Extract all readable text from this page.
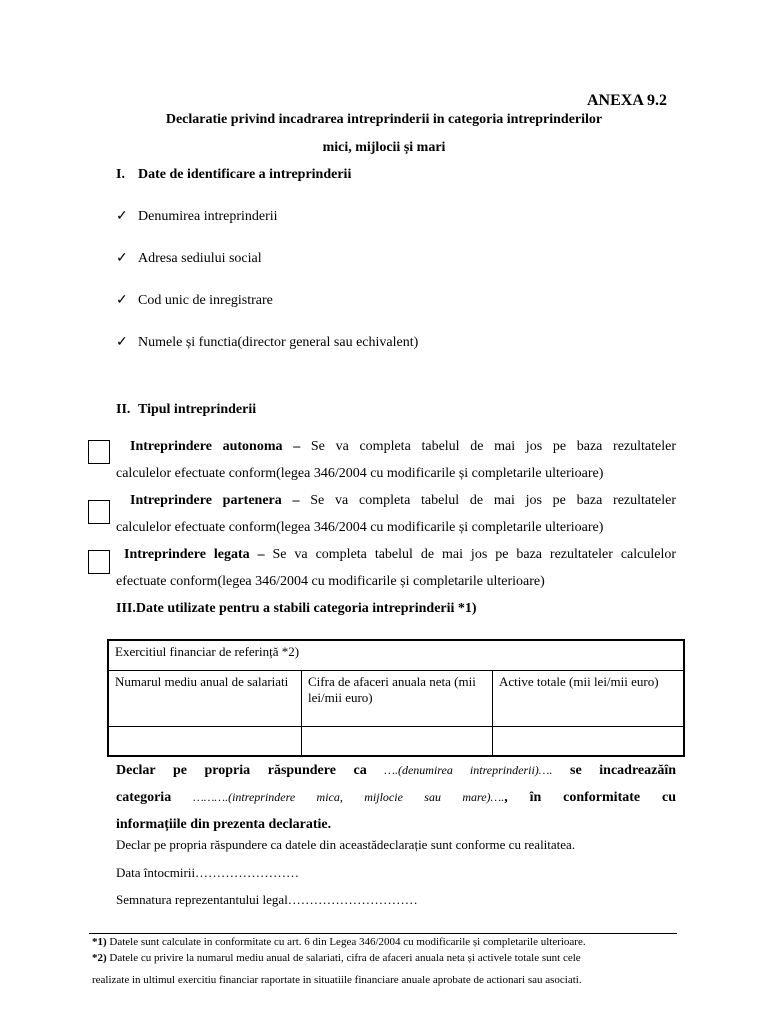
ANEXA 9.2
Declaratie privind incadrarea intreprinderii in categoria intreprinderilor
mici, mijlocii și mari
I. Date de identificare a intreprinderii
✓ Denumirea intreprinderii
✓ Adresa sediului social
✓ Cod unic de inregistrare
✓ Numele și functia(director general sau echivalent)
II. Tipul intreprinderii
Intreprindere autonoma – Se va completa tabelul de mai jos pe baza rezultateler
calculelor efectuate conform(legea 346/2004 cu modificarile și completarile ulterioare)
Intreprindere partenera – Se va completa tabelul de mai jos pe baza rezultateler
calculelor efectuate conform(legea 346/2004 cu modificarile și completarile ulterioare)
Intreprindere legata – Se va completa tabelul de mai jos pe baza rezultateler calculelor
efectuate conform(legea 346/2004 cu modificarile și completarile ulterioare)
III.Date utilizate pentru a stabili categoria intreprinderii *1)
Exercitiul financiar de referință *2)		
Numarul mediu anual de salariati	Cifra de afaceri anuala neta (mii lei/mii euro)	Active totale (mii lei/mii euro)

Declar pe propria răspundere ca ….(denumirea intreprinderii)…. se incadreazăîn
categoria ……….(intreprindere mica, mijlocie sau mare)…., în conformitate cu
informațiile din prezenta declaratie.
Declar pe propria răspundere ca datele din aceastădeclarație sunt conforme cu realitatea.
Data întocmirii……………………
Semnatura reprezentantului legal…………………………
*1) Datele sunt calculate in conformitate cu art. 6 din Legea 346/2004 cu modificarile și completarile ulterioare.
*2) Datele cu privire la numarul mediu anual de salariati, cifra de afaceri anuala neta și activele totale sunt cele
realizate in ultimul exercitiu financiar raportate in situatiile financiare anuale aprobate de actionari sau asociati.
